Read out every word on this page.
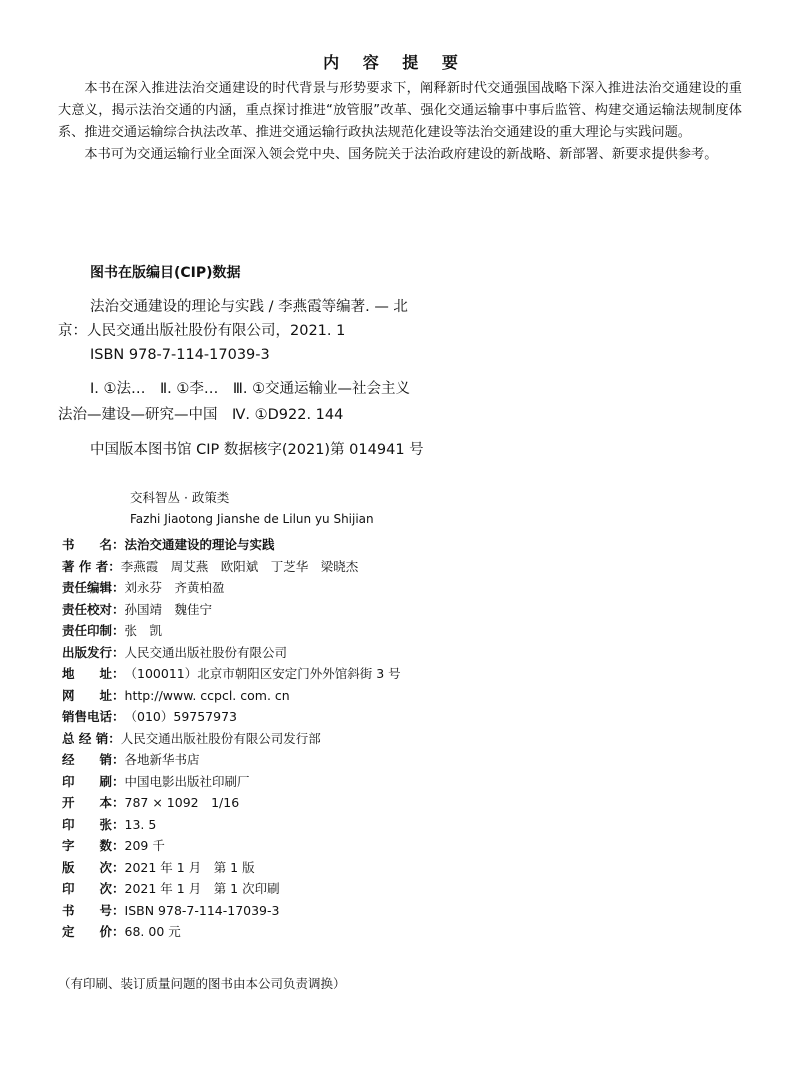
内 容 提 要

本书在深入推进法治交通建设的时代背景与形势要求下，阐释新时代交通强国战略下深入推进法治交通建设的重大意义，揭示法治交通的内涵，重点探讨推进“放管服”改革、强化交通运输事中事后监管、构建交通运输法规制度体系、推进交通运输综合执法改革、推进交通运输行政执法规范化建设等法治交通建设的重大理论与实践问题。

本书可为交通运输行业全面深入领会党中央、国务院关于法治政府建设的新战略、新部署、新要求提供参考。

图书在版编目(CIP)数据
法治交通建设的理论与实践 / 李燕霞等编著. — 北
京：人民交通出版社股份有限公司，2021. 1
ISBN 978-7-114-17039-3
Ⅰ. ①法…　Ⅱ. ①李…　Ⅲ. ①交通运输业—社会主义
法治—建设—研究—中国　Ⅳ. ①D922. 144
中国版本图书馆 CIP 数据核字(2021)第 014941 号
交科智丛 · 政策类
Fazhi Jiaotong Jianshe de Lilun yu Shijian
书　　名： 法治交通建设的理论与实践
著 作 者： 李燕霞　周艾燕　欧阳斌　丁芝华　梁晓杰
责任编辑： 刘永芬　齐黄柏盈
责任校对： 孙国靖　魏佳宁
责任印制： 张　凯
出版发行： 人民交通出版社股份有限公司
地　　址： （100011）北京市朝阳区安定门外外馆斜街 3 号
网　　址： http://www. ccpcl. com. cn
销售电话： （010）59757973
总 经 销： 人民交通出版社股份有限公司发行部
经　　销： 各地新华书店
印　　刷： 中国电影出版社印刷厂
开　　本： 787 × 1092　1/16
印　　张： 13. 5
字　　数： 209 千
版　　次： 2021 年 1 月　第 1 版
印　　次： 2021 年 1 月　第 1 次印刷
书　　号： ISBN 978-7-114-17039-3
定　　价： 68. 00 元
（有印刷、装订质量问题的图书由本公司负责调换）
